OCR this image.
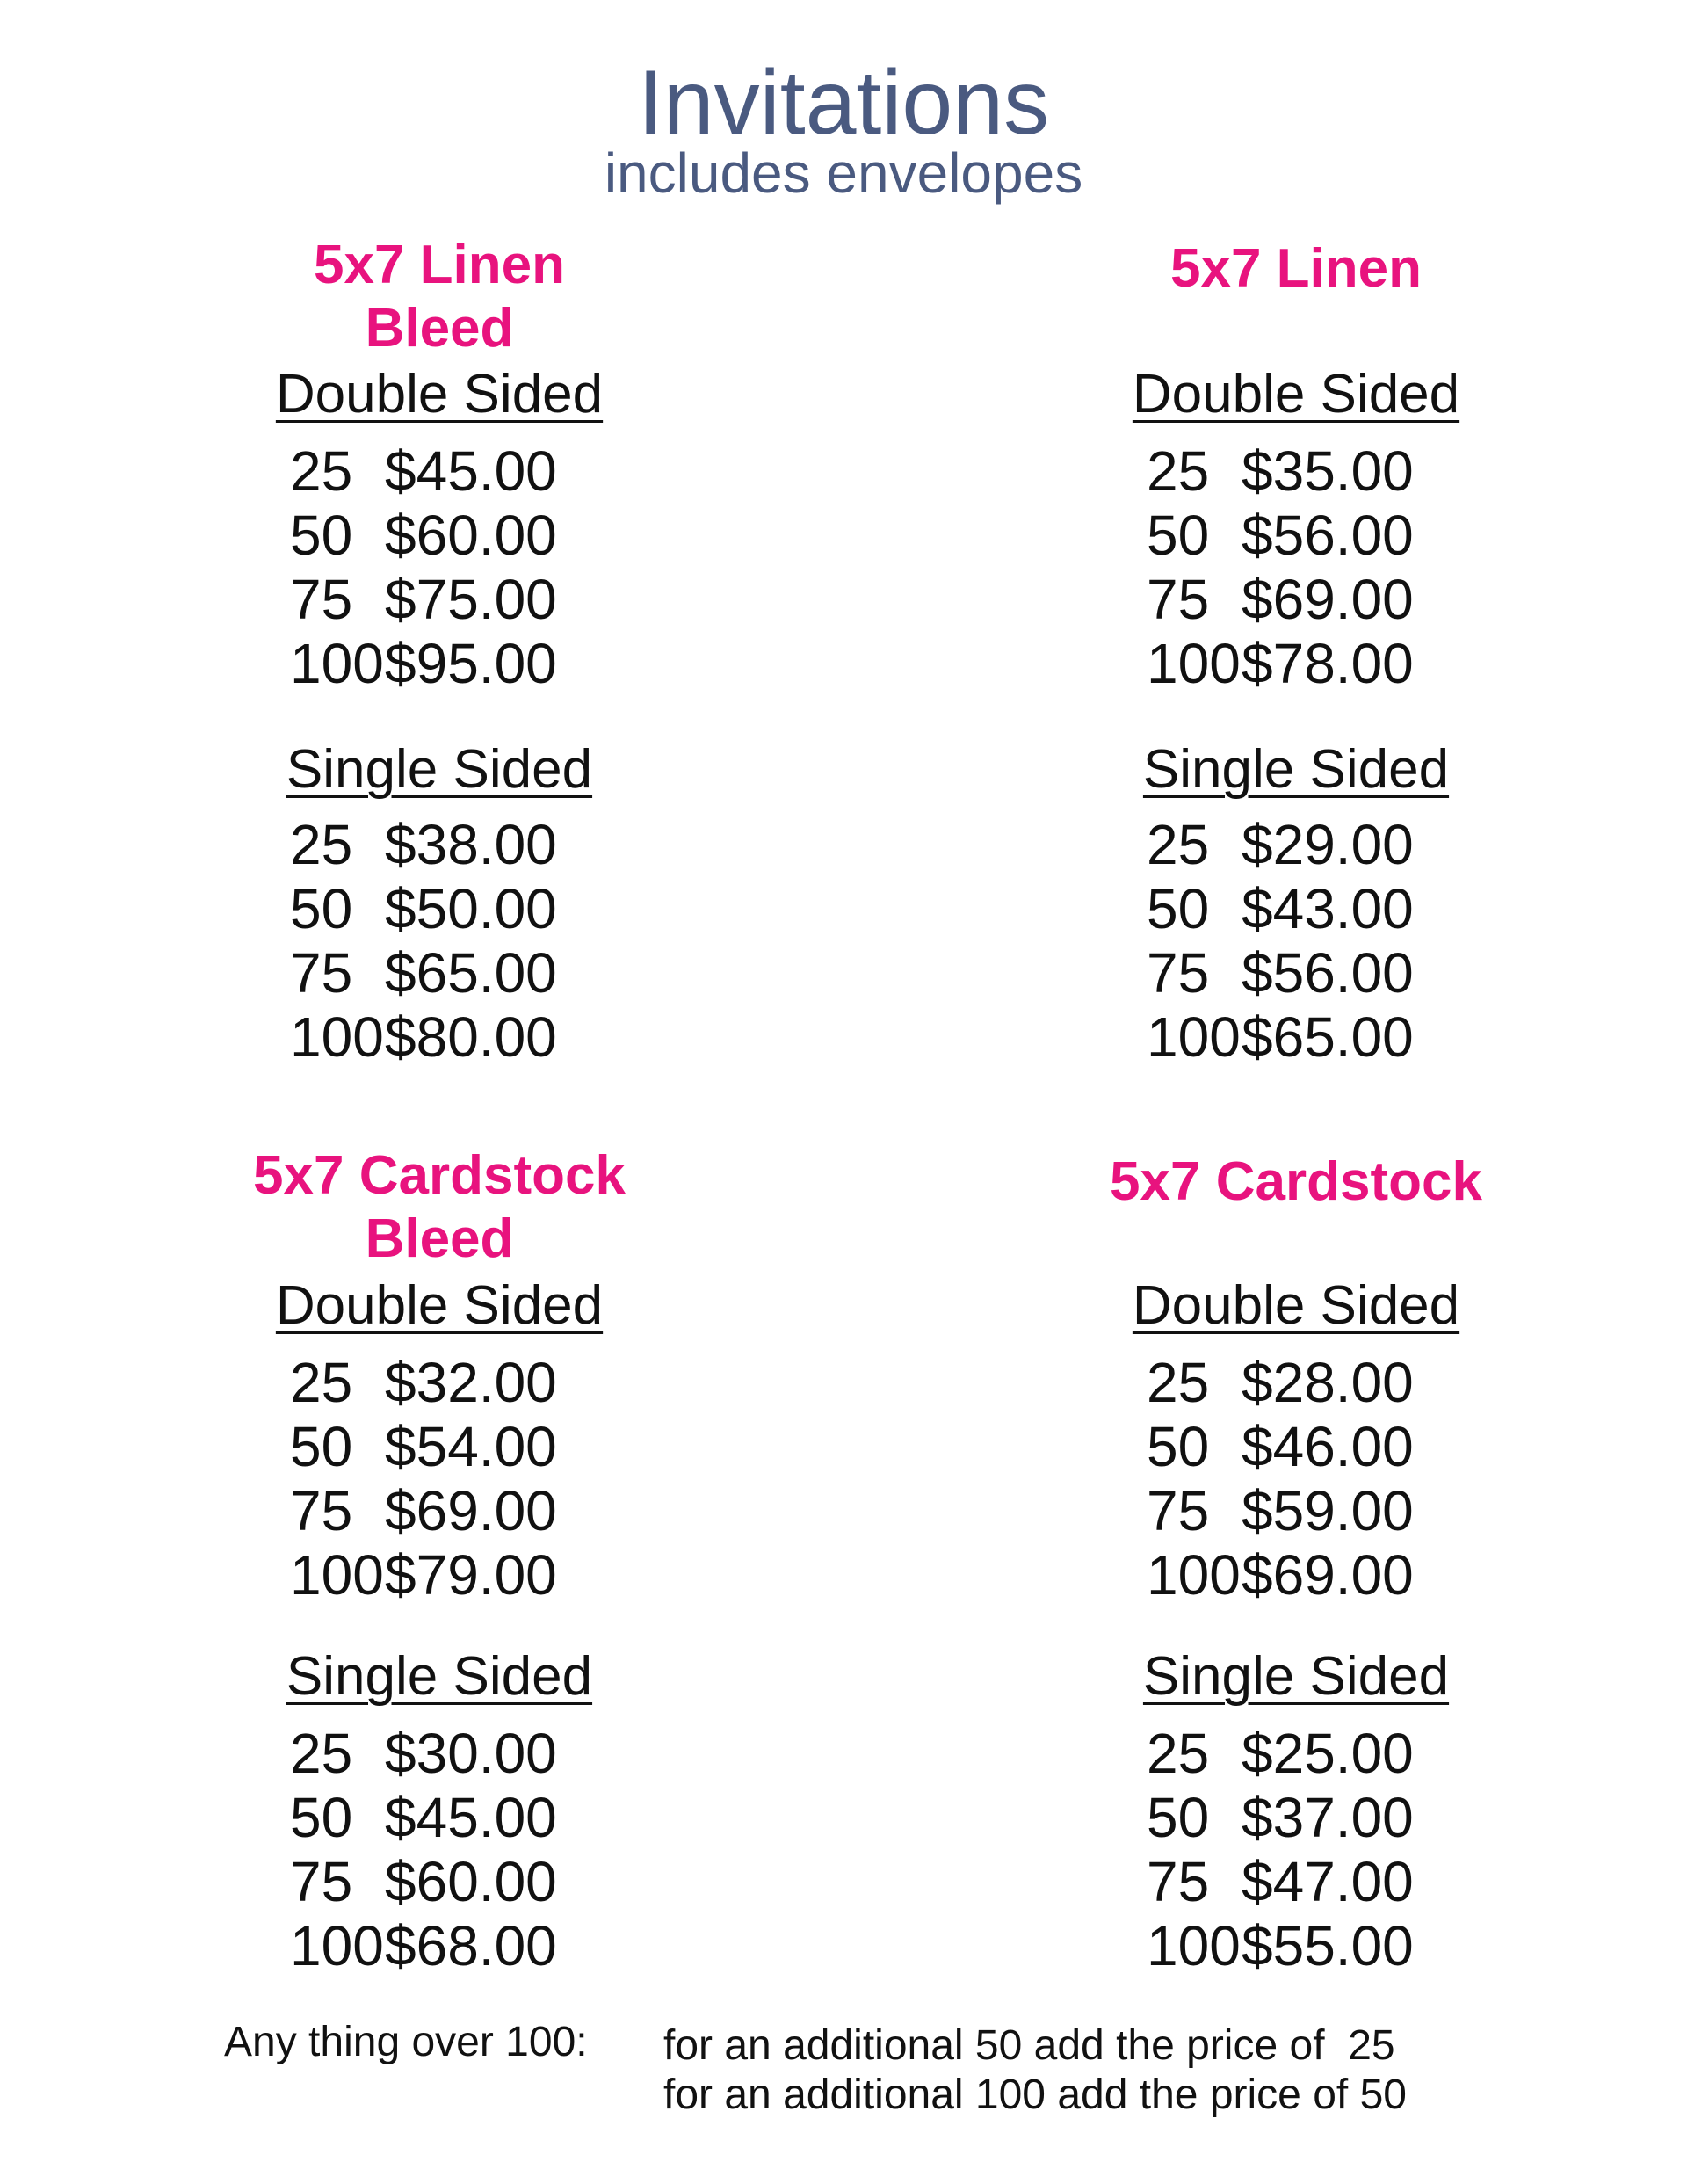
Invitations
includes envelopes
5x7 Linen
Bleed
Double Sided
25 $45.00
50 $60.00
75 $75.00
100$95.00
Single Sided
25 $38.00
50 $50.00
75 $65.00
100$80.00
5x7 Linen
Double Sided
25 $35.00
50 $56.00
75 $69.00
100$78.00
Single Sided
25 $29.00
50 $43.00
75 $56.00
100$65.00
5x7 Cardstock
Bleed
Double Sided
25 $32.00
50 $54.00
75 $69.00
100$79.00
Single Sided
25 $30.00
50 $45.00
75 $60.00
100$68.00
5x7 Cardstock
Double Sided
25 $28.00
50 $46.00
75 $59.00
100$69.00
Single Sided
25 $25.00
50 $37.00
75 $47.00
100$55.00
Any thing over 100: for an additional 50 add the price of  25
for an additional 100 add the price of 50
